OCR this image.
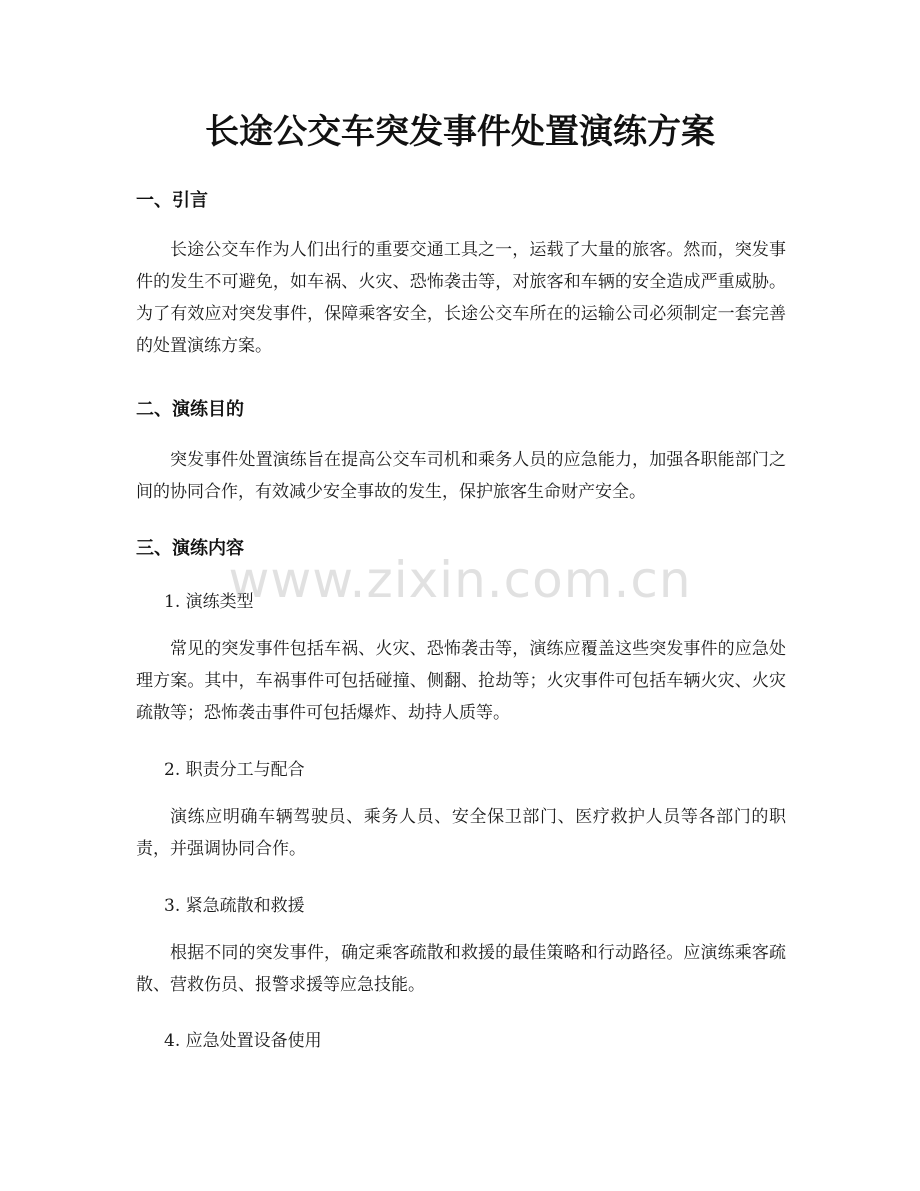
长途公交车突发事件处置演练方案
一、引言

长途公交车作为人们出行的重要交通工具之一，运载了大量的旅客。然而，突发事件的发生不可避免，如车祸、火灾、恐怖袭击等，对旅客和车辆的安全造成严重威胁。为了有效应对突发事件，保障乘客安全，长途公交车所在的运输公司必须制定一套完善的处置演练方案。

二、演练目的

突发事件处置演练旨在提高公交车司机和乘务人员的应急能力，加强各职能部门之间的协同合作，有效减少安全事故的发生，保护旅客生命财产安全。

三、演练内容

1. 演练类型

常见的突发事件包括车祸、火灾、恐怖袭击等，演练应覆盖这些突发事件的应急处理方案。其中，车祸事件可包括碰撞、侧翻、抢劫等；火灾事件可包括车辆火灾、火灾疏散等；恐怖袭击事件可包括爆炸、劫持人质等。

2. 职责分工与配合

演练应明确车辆驾驶员、乘务人员、安全保卫部门、医疗救护人员等各部门的职责，并强调协同合作。

3. 紧急疏散和救援

根据不同的突发事件，确定乘客疏散和救援的最佳策略和行动路径。应演练乘客疏散、营救伤员、报警求援等应急技能。

4. 应急处置设备使用

www.zixin.com.cn
